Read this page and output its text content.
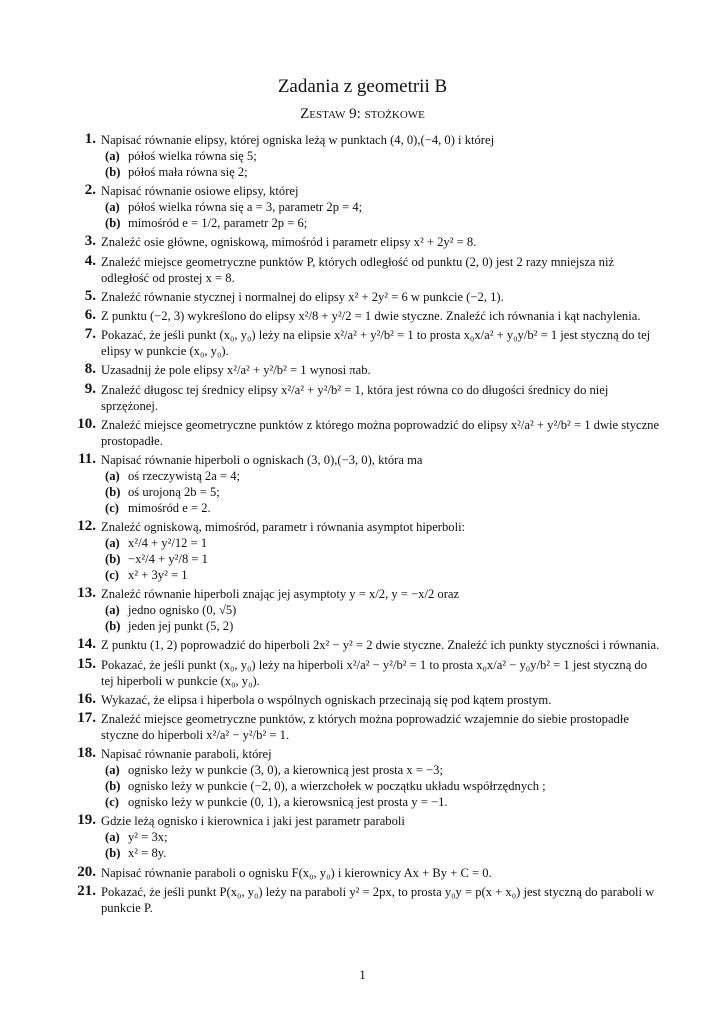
Zadania z geometrii B
Zestaw 9: stożkowe
1. Napisać równanie elipsy, której ogniska leżą w punktach (4, 0),(−4, 0) i której
(a) półoś wielka równa się 5;
(b) półoś mała równa się 2;
2. Napisać równanie osiowe elipsy, której
(a) półoś wielka równa się a = 3, parametr 2p = 4;
(b) mimośród e = 1/2, parametr 2p = 6;
3. Znaleźć osie główne, ogniskową, mimośród i parametr elipsy x² + 2y² = 8.
4. Znaleźć miejsce geometryczne punktów P, których odległość od punktu (2, 0) jest 2 razy mniejsza niż odległość od prostej x = 8.
5. Znaleźć równanie stycznej i normalnej do elipsy x² + 2y² = 6 w punkcie (−2, 1).
6. Z punktu (−2, 3) wykreślono do elipsy x²/8 + y²/2 = 1 dwie styczne. Znaleźć ich równania i kąt nachylenia.
7. Pokazać, że jeśli punkt (x₀, y₀) leży na elipsie x²/a² + y²/b² = 1 to prosta x₀x/a² + y₀y/b² = 1 jest styczną do tej elipsy w punkcie (x₀, y₀).
8. Uzasadnij że pole elipsy x²/a² + y²/b² = 1 wynosi πab.
9. Znaleźć długosc tej średnicy elipsy x²/a² + y²/b² = 1, która jest równa co do długości średnicy do niej sprzężonej.
10. Znaleźć miejsce geometryczne punktów z którego można poprowadzić do elipsy x²/a² + y²/b² = 1 dwie styczne prostopadłe.
11. Napisać równanie hiperboli o ogniskach (3, 0),(−3, 0), która ma
(a) oś rzeczywistą 2a = 4;
(b) oś urojoną 2b = 5;
(c) mimośród e = 2.
12. Znaleźć ogniskową, mimośród, parametr i równania asymptot hiperboli:
(a) x²/4 + y²/12 = 1
(b) −x²/4 + y²/8 = 1
(c) x² + 3y² = 1
13. Znaleźć równanie hiperboli znając jej asymptoty y = x/2, y = −x/2 oraz
(a) jedno ognisko (0, √5)
(b) jeden jej punkt (5, 2)
14. Z punktu (1, 2) poprowadzić do hiperboli 2x² − y² = 2 dwie styczne. Znaleźć ich punkty styczności i równania.
15. Pokazać, że jeśli punkt (x₀, y₀) leży na hiperboli x²/a² − y²/b² = 1 to prosta x₀x/a² − y₀y/b² = 1 jest styczną do tej hiperboli w punkcie (x₀, y₀).
16. Wykazać, że elipsa i hiperbola o wspólnych ogniskach przecinają się pod kątem prostym.
17. Znaleźć miejsce geometryczne punktów, z których można poprowadzić wzajemnie do siebie prostopadłe styczne do hiperboli x²/a² − y²/b² = 1.
18. Napisać równanie paraboli, której
(a) ognisko leży w punkcie (3, 0), a kierownicą jest prosta x = −3;
(b) ognisko leży w punkcie (−2, 0), a wierzchołek w początku układu współrzędnych ;
(c) ognisko leży w punkcie (0, 1), a kierowsnicą jest prosta y = −1.
19. Gdzie leżą ognisko i kierownica i jaki jest parametr paraboli
(a) y² = 3x;
(b) x² = 8y.
20. Napisać równanie paraboli o ognisku F(x₀, y₀) i kierownicy Ax + By + C = 0.
21. Pokazać, że jeśli punkt P(x₀, y₀) leży na paraboli y² = 2px, to prosta y₀y = p(x + x₀) jest styczną do paraboli w punkcie P.
1
